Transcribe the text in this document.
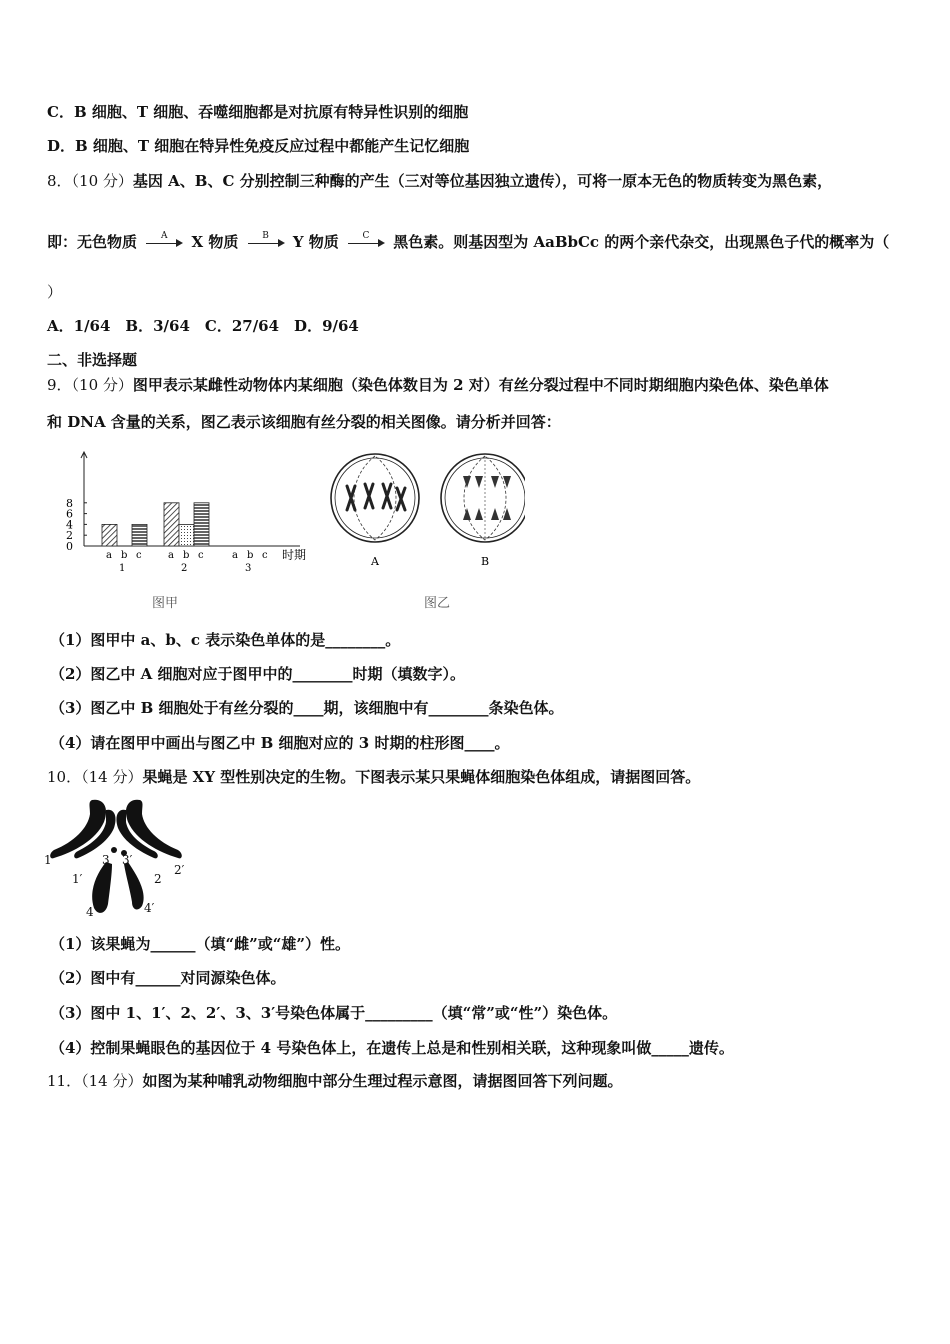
C．B 细胞、T 细胞、吞噬细胞都是对抗原有特异性识别的细胞
D．B 细胞、T 细胞在特异性免疫反应过程中都能产生记忆细胞
8．（10 分）基因 A、B、C 分别控制三种酶的产生（三对等位基因独立遗传），可将一原本无色的物质转变为黑色素，
即：无色物质	A	X 物质	B	Y 物质	C	黑色素。则基因型为 AaBbCc 的两个亲代杂交，出现黑色子代的概率为（
）
A．1/64　B．3/64　C．27/64　D．9/64
二、非选择题
9．（10 分）图甲表示某雌性动物体内某细胞（染色体数目为 2 对）有丝分裂过程中不同时期细胞内染色体、染色单体
和 DNA 含量的关系，图乙表示该细胞有丝分裂的相关图像。请分析并回答：
0
2
4
6
8
a b c
1
a b c
2
a b c
3
时期	A	B
图甲	图乙
（1）图甲中 a、b、c 表示染色单体的是________。
（2）图乙中 A 细胞对应于图甲中的________时期（填数字）。
（3）图乙中 B 细胞处于有丝分裂的____期，该细胞中有________条染色体。
（4）请在图甲中画出与图乙中 B 细胞对应的 3 时期的柱形图____。
10．（14 分）果蝇是 XY 型性别决定的生物。下图表示某只果蝇体细胞染色体组成，请据图回答。
1
1′
3 3′
2
2′
4	4′
（1）该果蝇为______（填“雌”或“雄”）性。
（2）图中有______对同源染色体。
（3）图中 1、1′、2、2′、3、3′号染色体属于_________（填“常”或“性”）染色体。
（4）控制果蝇眼色的基因位于 4 号染色体上，在遗传上总是和性别相关联，这种现象叫做_____遗传。
11．（14 分）如图为某种哺乳动物细胞中部分生理过程示意图，请据图回答下列问题。
